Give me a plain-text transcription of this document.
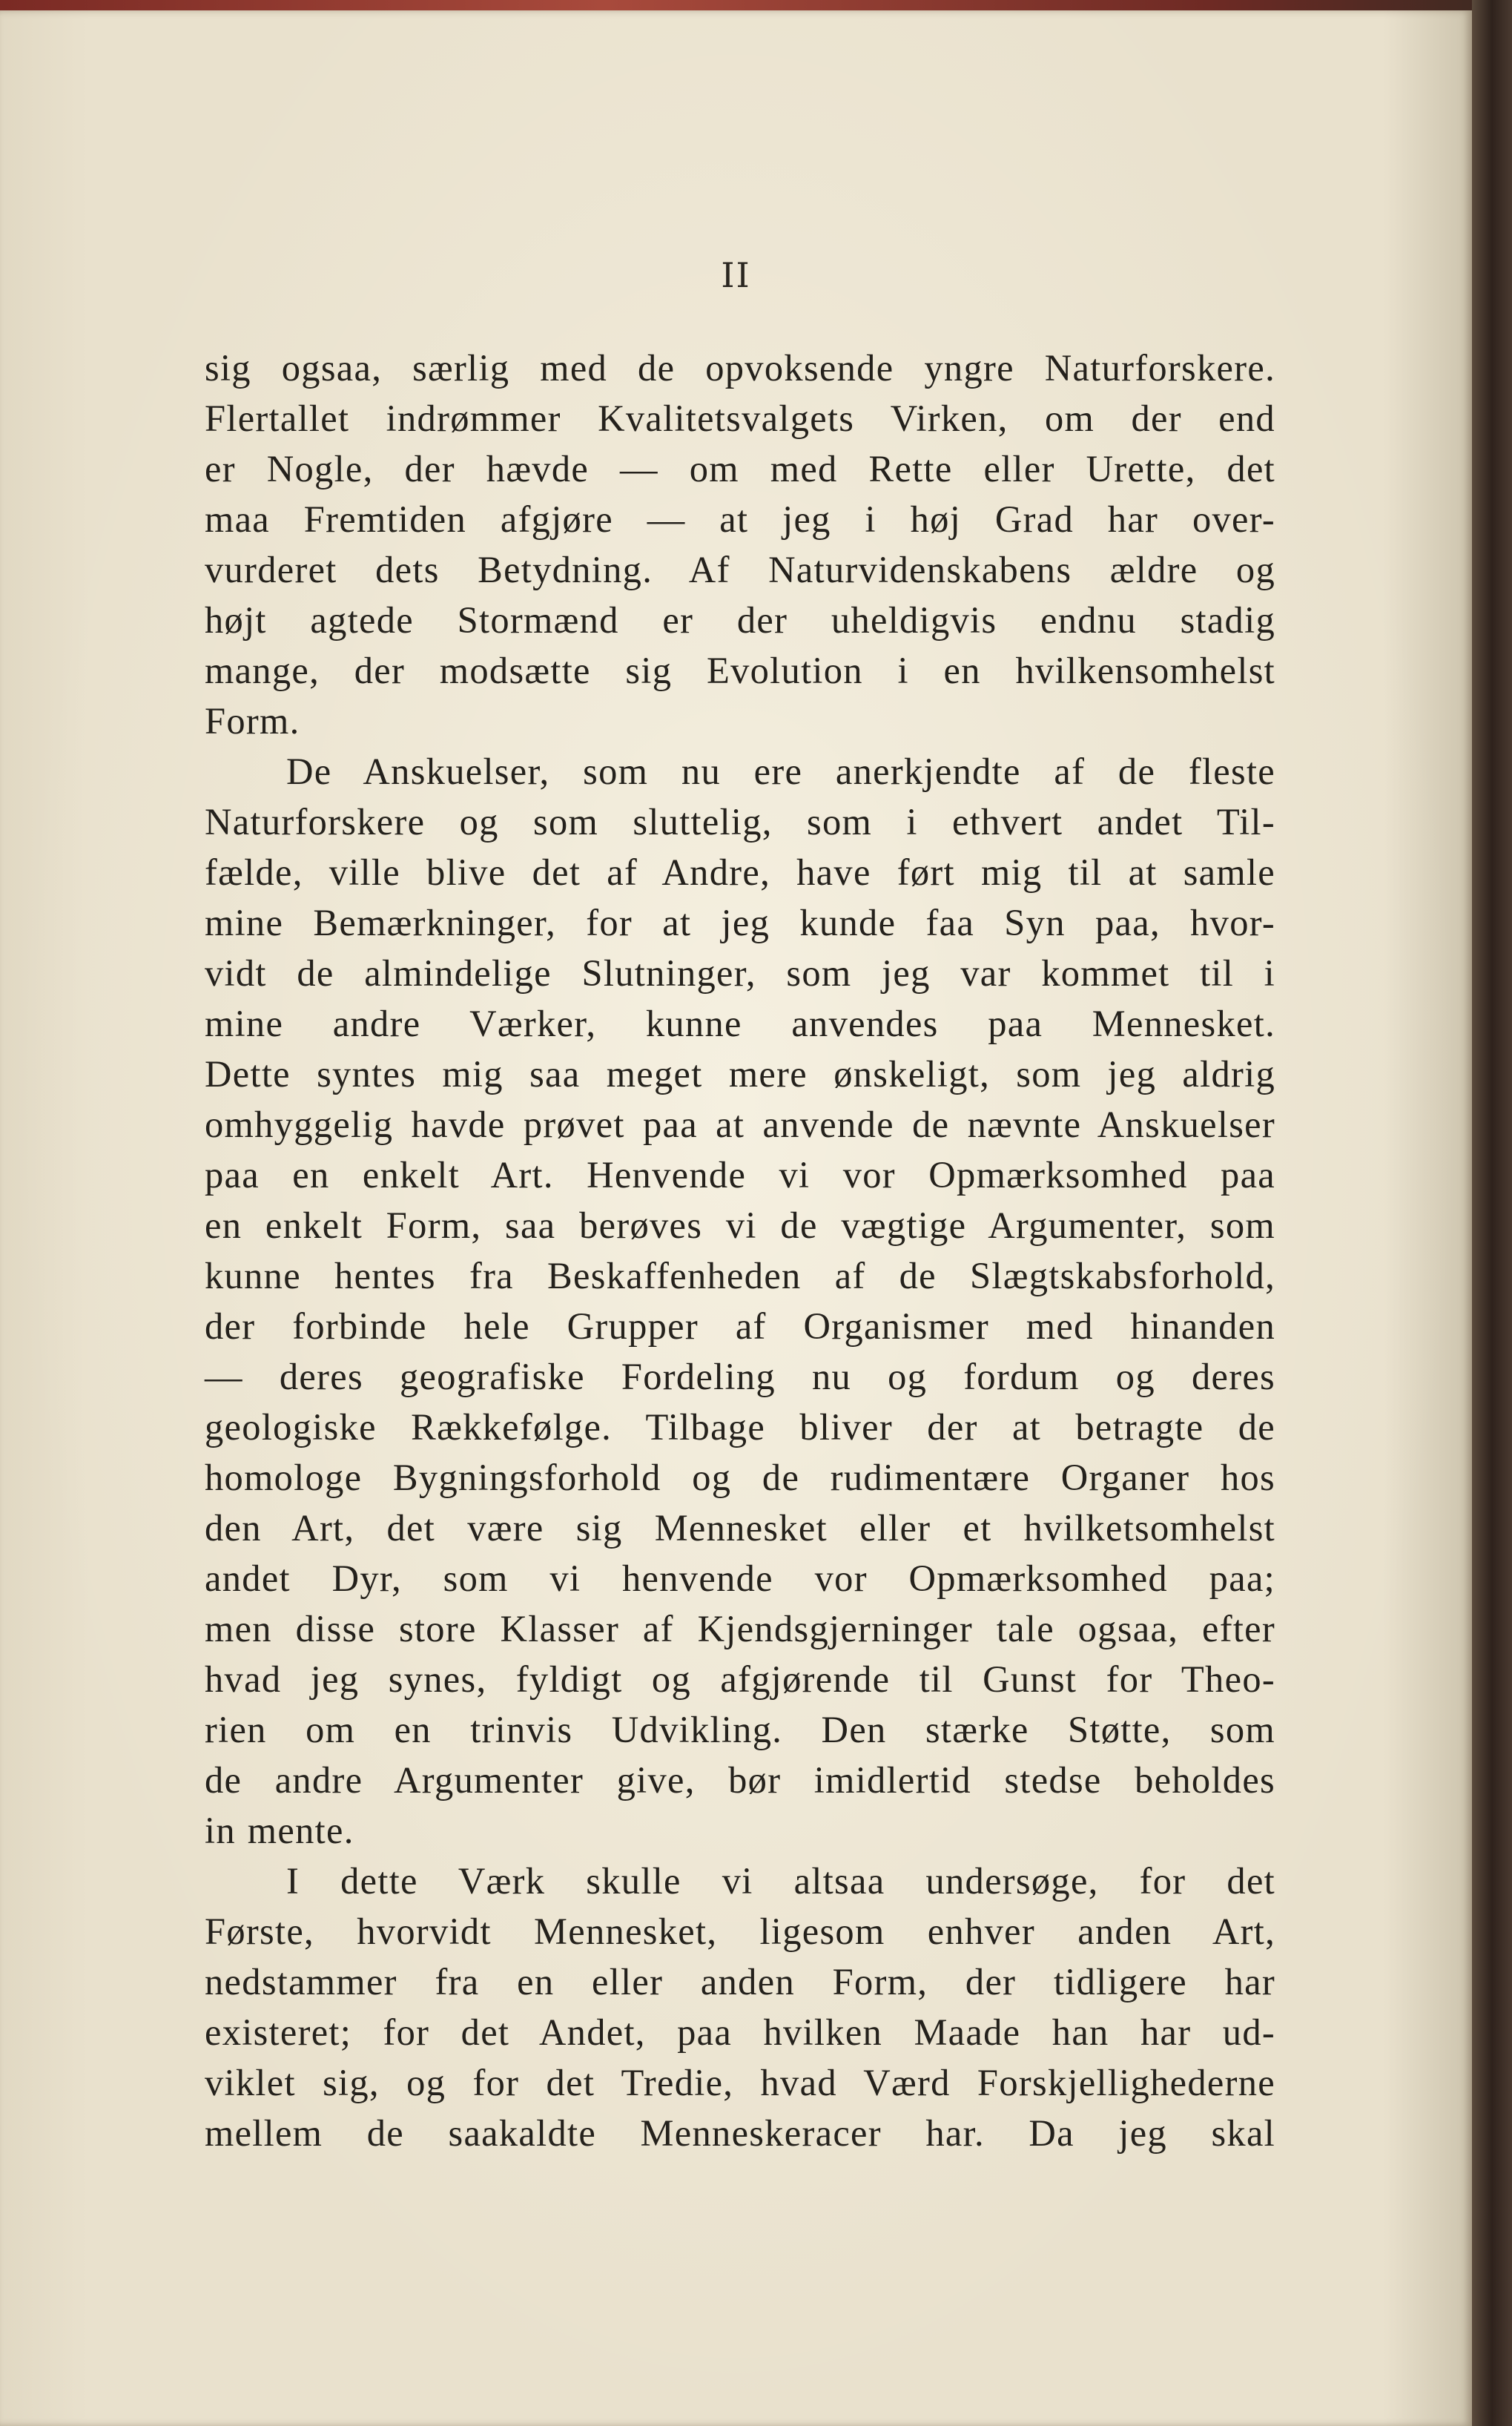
II
sig ogsaa, særlig med de opvoksende yngre Naturforskere.
Flertallet indrømmer Kvalitetsvalgets Virken, om der end
er Nogle, der hævde — om med Rette eller Urette, det
maa Fremtiden afgjøre — at jeg i høj Grad har over-
vurderet dets Betydning. Af Naturvidenskabens ældre og
højt agtede Stormænd er der uheldigvis endnu stadig
mange, der modsætte sig Evolution i en hvilkensomhelst
Form.
De Anskuelser, som nu ere anerkjendte af de fleste
Naturforskere og som sluttelig, som i ethvert andet Til-
fælde, ville blive det af Andre, have ført mig til at samle
mine Bemærkninger, for at jeg kunde faa Syn paa, hvor-
vidt de almindelige Slutninger, som jeg var kommet til i
mine andre Værker, kunne anvendes paa Mennesket.
Dette syntes mig saa meget mere ønskeligt, som jeg aldrig
omhyggelig havde prøvet paa at anvende de nævnte Anskuelser
paa en enkelt Art. Henvende vi vor Opmærksomhed paa
en enkelt Form, saa berøves vi de vægtige Argumenter, som
kunne hentes fra Beskaffenheden af de Slægtskabsforhold,
der forbinde hele Grupper af Organismer med hinanden
— deres geografiske Fordeling nu og fordum og deres
geologiske Rækkefølge. Tilbage bliver der at betragte de
homologe Bygningsforhold og de rudimentære Organer hos
den Art, det være sig Mennesket eller et hvilketsomhelst
andet Dyr, som vi henvende vor Opmærksomhed paa;
men disse store Klasser af Kjendsgjerninger tale ogsaa, efter
hvad jeg synes, fyldigt og afgjørende til Gunst for Theo-
rien om en trinvis Udvikling. Den stærke Støtte, som
de andre Argumenter give, bør imidlertid stedse beholdes
in mente.
I dette Værk skulle vi altsaa undersøge, for det
Første, hvorvidt Mennesket, ligesom enhver anden Art,
nedstammer fra en eller anden Form, der tidligere har
existeret; for det Andet, paa hvilken Maade han har ud-
viklet sig, og for det Tredie, hvad Værd Forskjellighederne
mellem de saakaldte Menneskeracer har. Da jeg skal
